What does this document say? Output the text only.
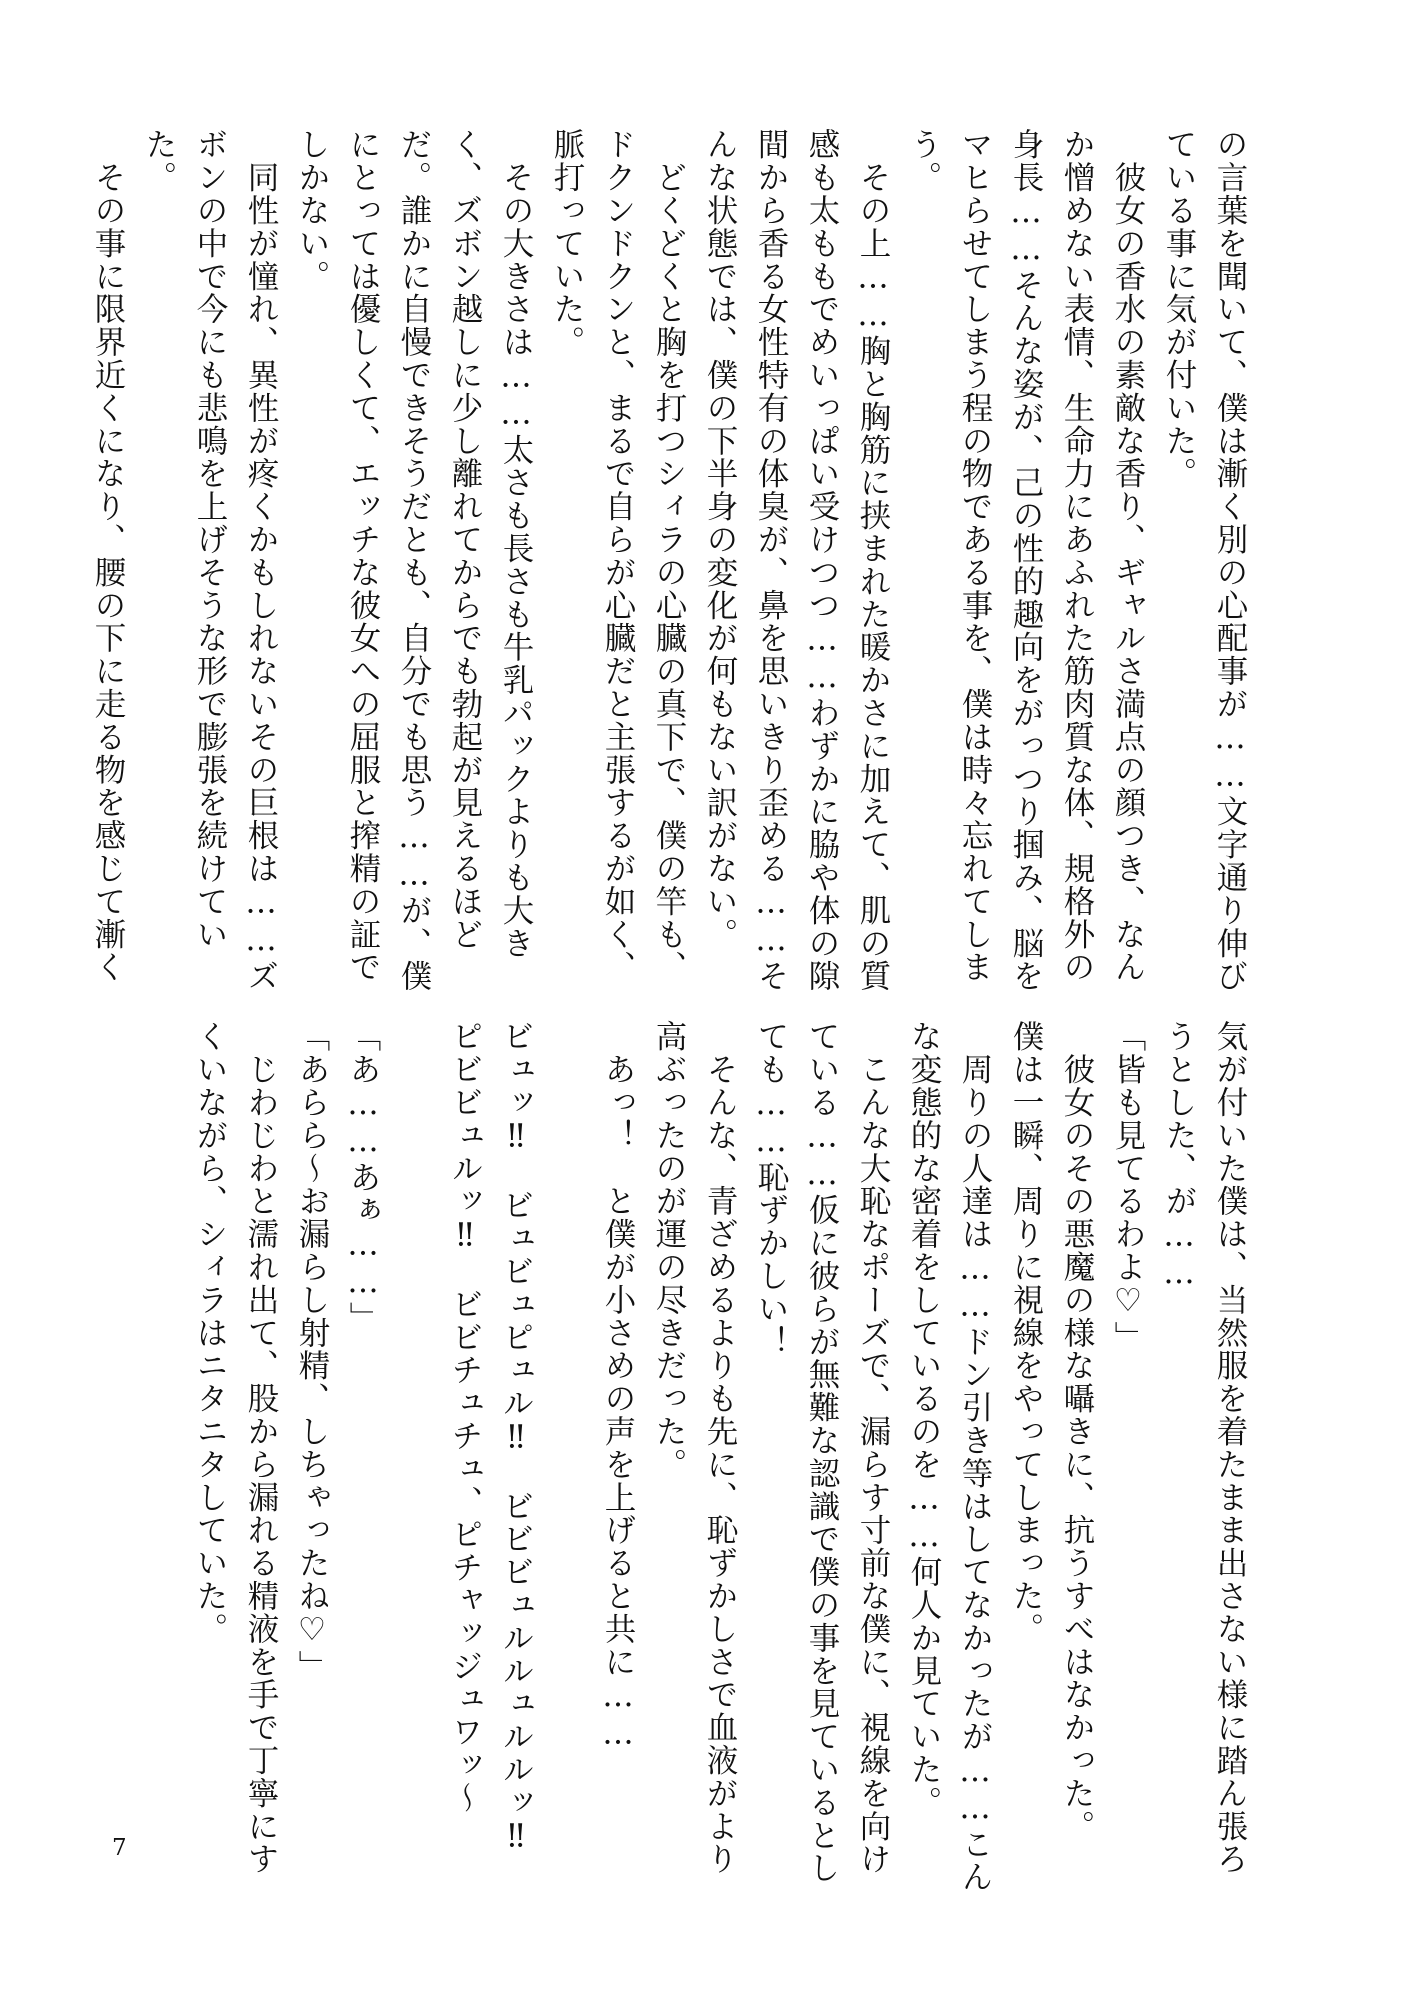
の言葉を聞いて、僕は漸く別の心配事が……文字通り伸び
ている事に気が付いた。
　彼女の香水の素敵な香り、ギャルさ満点の顔つき、なん
か憎めない表情、生命力にあふれた筋肉質な体、規格外の
身長……そんな姿が、己の性的趣向をがっつり掴み、脳を
マヒらせてしまう程の物である事を、僕は時々忘れてしま
う。
　その上……胸と胸筋に挟まれた暖かさに加えて、肌の質
感も太ももでめいっぱい受けつつ……わずかに脇や体の隙
間から香る女性特有の体臭が、鼻を思いきり歪める……そ
んな状態では、僕の下半身の変化が何もない訳がない。
　どくどくと胸を打つシィラの心臓の真下で、僕の竿も、
ドクンドクンと、まるで自らが心臓だと主張するが如く、
脈打っていた。
　その大きさは……太さも長さも牛乳パックよりも大き
く、ズボン越しに少し離れてからでも勃起が見えるほど
だ。誰かに自慢できそうだとも、自分でも思う……が、僕
にとっては優しくて、エッチな彼女への屈服と搾精の証で
しかない。
　同性が憧れ、異性が疼くかもしれないその巨根は……ズ
ボンの中で今にも悲鳴を上げそうな形で膨張を続けてい
た。
　その事に限界近くになり、腰の下に走る物を感じて漸く
気が付いた僕は、当然服を着たまま出さない様に踏ん張ろ
うとした、が……
「皆も見てるわよ♡」
　彼女のその悪魔の様な囁きに、抗うすべはなかった。
僕は一瞬、周りに視線をやってしまった。
　周りの人達は……ドン引き等はしてなかったが……こん
な変態的な密着をしているのを……何人か見ていた。
　こんな大恥なポーズで、漏らす寸前な僕に、視線を向け
ている……仮に彼らが無難な認識で僕の事を見ているとし
ても……恥ずかしい！
　そんな、青ざめるよりも先に、恥ずかしさで血液がより
高ぶったのが運の尽きだった。
　あっ！　と僕が小さめの声を上げると共に……
ビュッ‼　ビュビュピュル‼　ビビビュルルュルルッ‼
ピビビュルッ‼　ビビチュチュ、ピチャッジュワッ〜
「あ……あぁ……」
「あらら〜お漏らし射精、しちゃったね♡」
　じわじわと濡れ出て、股から漏れる精液を手で丁寧にす
くいながら、シィラはニタニタしていた。
7
